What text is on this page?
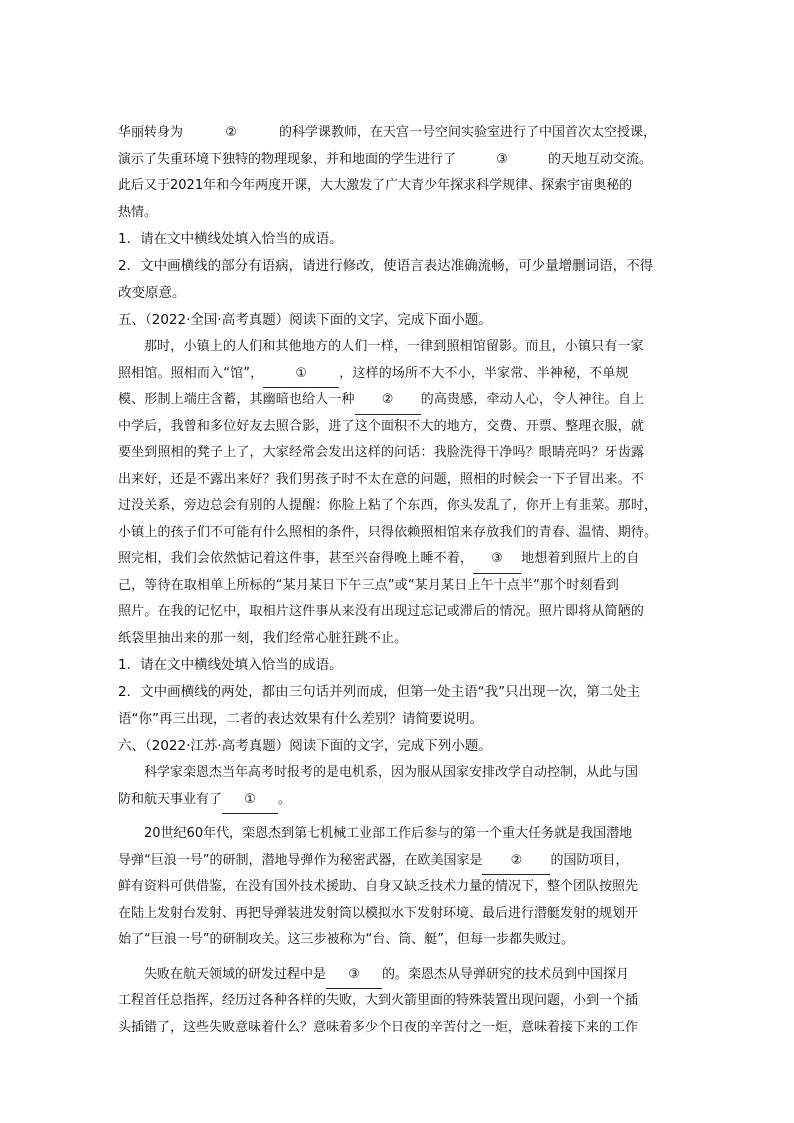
华丽转身为	②	的科学课教师，在天宫一号空间实验室进行了中国首次太空授课，
演示了失重环境下独特的物理现象，并和地面的学生进行了	③	的天地互动交流。
此后又于2021年和今年两度开课，大大激发了广大青少年探求科学规律、探索宇宙奥秘的
热情。
1．请在文中横线处填入恰当的成语。
2．文中画横线的部分有语病，请进行修改，使语言表达准确流畅，可少量增删词语，不得
改变原意。
五、（2022·全国·高考真题）阅读下面的文字，完成下面小题。
那时，小镇上的人们和其他地方的人们一样，一律到照相馆留影。而且，小镇只有一家
照相馆。照相而入“馆”， ① ，这样的场所不大不小，半家常、半神秘，不单规
模、形制上端庄含蓄，其幽暗也给人一种 ② 的高贵感，牵动人心，令人神往。自上
中学后，我曾和多位好友去照合影，进了这个面积不大的地方，交费、开票、整理衣服，就
要坐到照相的凳子上了，大家经常会发出这样的问话：我脸洗得干净吗？眼睛亮吗？牙齿露
出来好，还是不露出来好？我们男孩子时不太在意的问题，照相的时候会一下子冒出来。不
过没关系，旁边总会有别的人提醒：你脸上粘了个东西，你头发乱了，你开上有韭菜。那时，
小镇上的孩子们不可能有什么照相的条件，只得依赖照相馆来存放我们的青春、温情、期待。
照完相，我们会依然惦记着这件事，甚至兴奋得晚上睡不着， ③ 地想着到照片上的自
己，等待在取相单上所标的“某月某日下午三点”或“某月某日上午十点半”那个时刻看到
照片。在我的记忆中，取相片这件事从来没有出现过忘记或滞后的情况。照片即将从简陋的
纸袋里抽出来的那一刻，我们经常心脏狂跳不止。
1．请在文中横线处填入恰当的成语。
2．文中画横线的两处，都由三句话并列而成，但第一处主语“我”只出现一次，第二处主
语“你”再三出现，二者的表达效果有什么差别？请简要说明。
六、（2022·江苏·高考真题）阅读下面的文字，完成下列小题。
科学家栾恩杰当年高考时报考的是电机系，因为服从国家安排改学自动控制，从此与国
防和航天事业有了 ① 。
20世纪60年代，栾恩杰到第七机械工业部工作后参与的第一个重大任务就是我国潜地
导弹“巨浪一号”的研制，潜地导弹作为秘密武器，在欧美国家是 ② 的国防项目，
鲜有资料可供借鉴，在没有国外技术援助、自身又缺乏技术力量的情况下，整个团队按照先
在陆上发射台发射、再把导弹装进发射筒以模拟水下发射环境、最后进行潜艇发射的规划开
始了“巨浪一号”的研制攻关。这三步被称为“台、筒、艇”，但每一步都失败过。
失败在航天领域的研发过程中是 ③ 的。栾恩杰从导弹研究的技术员到中国探月
工程首任总指挥，经历过各种各样的失败，大到火箭里面的特殊装置出现问题，小到一个插
头插错了，这些失败意味着什么？意味着多少个日夜的辛苦付之一炬，意味着接下来的工作
